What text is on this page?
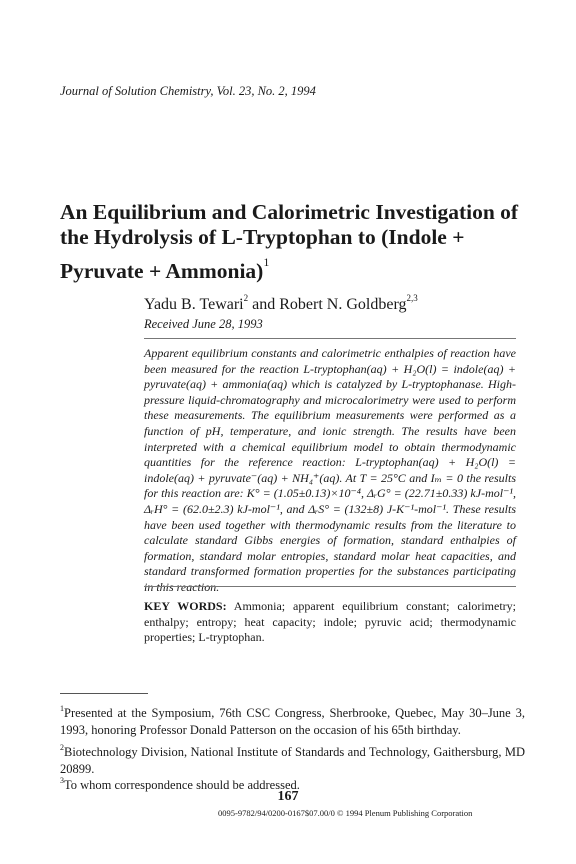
Journal of Solution Chemistry, Vol. 23, No. 2, 1994
An Equilibrium and Calorimetric Investigation of the Hydrolysis of L-Tryptophan to (Indole + Pyruvate + Ammonia)$^1$
Yadu B. Tewari$^2$ and Robert N. Goldberg$^{2,3}$
Received June 28, 1993
Apparent equilibrium constants and calorimetric enthalpies of reaction have been measured for the reaction L-tryptophan(aq) + H₂O(l) = indole(aq) + pyruvate(aq) + ammonia(aq) which is catalyzed by L-tryptophanase. High-pressure liquid-chromatography and microcalorimetry were used to perform these measurements. The equilibrium measurements were performed as a function of pH, temperature, and ionic strength. The results have been interpreted with a chemical equilibrium model to obtain thermodynamic quantities for the reference reaction: L-tryptophan(aq) + H₂O(l) = indole(aq) + pyruvate⁻(aq) + NH₄⁺(aq). At T = 25°C and Iₘ = 0 the results for this reaction are: K° = (1.05±0.13)×10⁻⁴, ΔᵣG° = (22.71±0.33) kJ-mol⁻¹, ΔᵣH° = (62.0±2.3) kJ-mol⁻¹, and ΔᵣS° = (132±8) J-K⁻¹-mol⁻¹. These results have been used together with thermodynamic results from the literature to calculate standard Gibbs energies of formation, standard enthalpies of formation, standard molar entropies, standard molar heat capacities, and standard transformed formation properties for the substances participating in this reaction.
KEY WORDS: Ammonia; apparent equilibrium constant; calorimetry; enthalpy; entropy; heat capacity; indole; pyruvic acid; thermodynamic properties; L-tryptophan.
$^1$Presented at the Symposium, 76th CSC Congress, Sherbrooke, Quebec, May 30–June 3, 1993, honoring Professor Donald Patterson on the occasion of his 65th birthday.
$^2$Biotechnology Division, National Institute of Standards and Technology, Gaithersburg, MD 20899.
$^3$To whom correspondence should be addressed.
167
0095-9782/94/0200-0167$07.00/0 © 1994 Plenum Publishing Corporation
